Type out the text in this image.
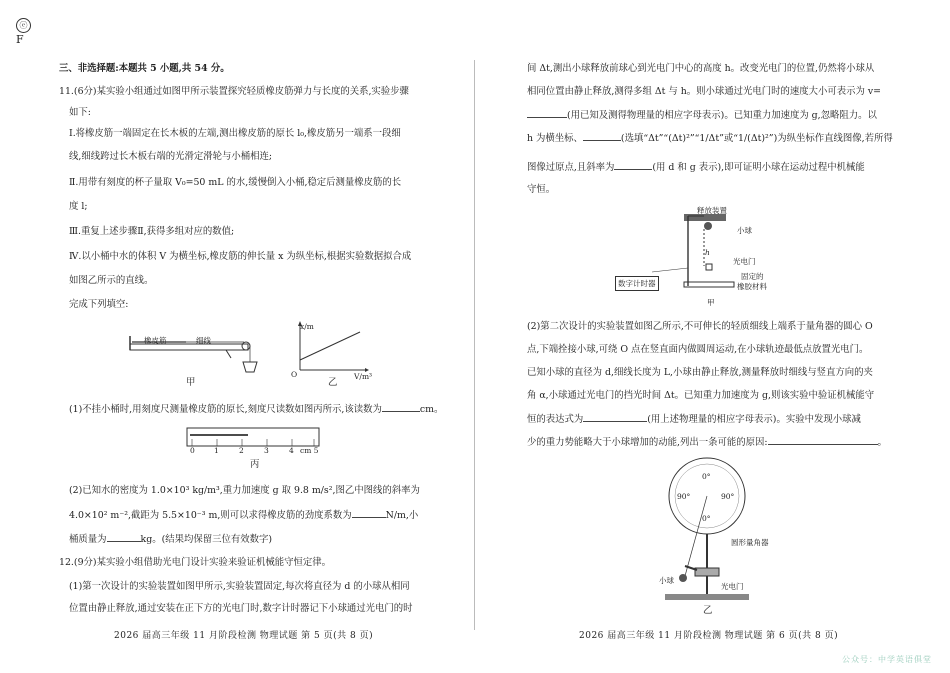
ⓔF
三、非选择题:本题共 5 小题,共 54 分。
11.(6分)某实验小组通过如图甲所示装置探究轻质橡皮筋弹力与长度的关系,实验步骤
如下:
Ⅰ.将橡皮筋一端固定在长木板的左端,测出橡皮筋的原长 l₀,橡皮筋另一端系一段细
线,细线跨过长木板右端的光滑定滑轮与小桶相连;
Ⅱ.用带有刻度的杯子量取 V₀=50 mL 的水,缓慢倒入小桶,稳定后测量橡皮筋的长
度 l;
Ⅲ.重复上述步骤Ⅱ,获得多组对应的数值;
Ⅳ.以小桶中水的体积 V 为横坐标,橡皮筋的伸长量 x 为纵坐标,根据实验数据拟合成
如图乙所示的直线。
完成下列填空:
橡皮筋	细线
甲
x/m
V/m³
O
乙
(1)不挂小桶时,用刻度尺测量橡皮筋的原长,刻度尺读数如图丙所示,该读数为	cm。
0	1	2	3	4 cm 5
丙
(2)已知水的密度为 1.0×10³ kg/m³,重力加速度 g 取 9.8 m/s²,图乙中图线的斜率为
4.0×10² m⁻²,截距为 5.5×10⁻³ m,则可以求得橡皮筋的劲度系数为	N/m,小
桶质量为	kg。(结果均保留三位有效数字)
12.(9分)某实验小组借助光电门设计实验来验证机械能守恒定律。
(1)第一次设计的实验装置如图甲所示,实验装置固定,每次将直径为 d 的小球从相同
位置由静止释放,通过安装在正下方的光电门时,数字计时器记下小球通过光电门的时
2026 届高三年级 11 月阶段检测 物理试题 第 5 页(共 8 页)
间 Δt,测出小球释放前球心到光电门中心的高度 h。改变光电门的位置,仍然将小球从
相同位置由静止释放,测得多组 Δt 与 h。则小球通过光电门时的速度大小可表示为 v=
(用已知及测得物理量的相应字母表示)。已知重力加速度为 g,忽略阻力。以
h 为横坐标、	(选填“Δt”“(Δt)²”“1/Δt”或“1/(Δt)²”)为纵坐标作直线图像,若所得
图像过原点,且斜率为	(用 d 和 g 表示),即可证明小球在运动过程中机械能
守恒。
释放装置
小球
h
光电门
数字计时器
固定的
橡胶材料
甲
(2)第二次设计的实验装置如图乙所示,不可伸长的轻质细线上端系于量角器的圆心 O
点,下端拴接小球,可绕 O 点在竖直面内做圆周运动,在小球轨迹最低点放置光电门。
已知小球的直径为 d,细线长度为 L,小球由静止释放,测量释放时细线与竖直方向的夹
角 α,小球通过光电门的挡光时间 Δt。已知重力加速度为 g,则该实验中验证机械能守
恒的表达式为	(用上述物理量的相应字母表示)。实验中发现小球减
少的重力势能略大于小球增加的动能,列出一条可能的原因:	。
0°
90°	90°
0°
圆形量角器
小球
光电门
乙
2026 届高三年级 11 月阶段检测 物理试题 第 6 页(共 8 页)
公众号：中学英语俱堂
